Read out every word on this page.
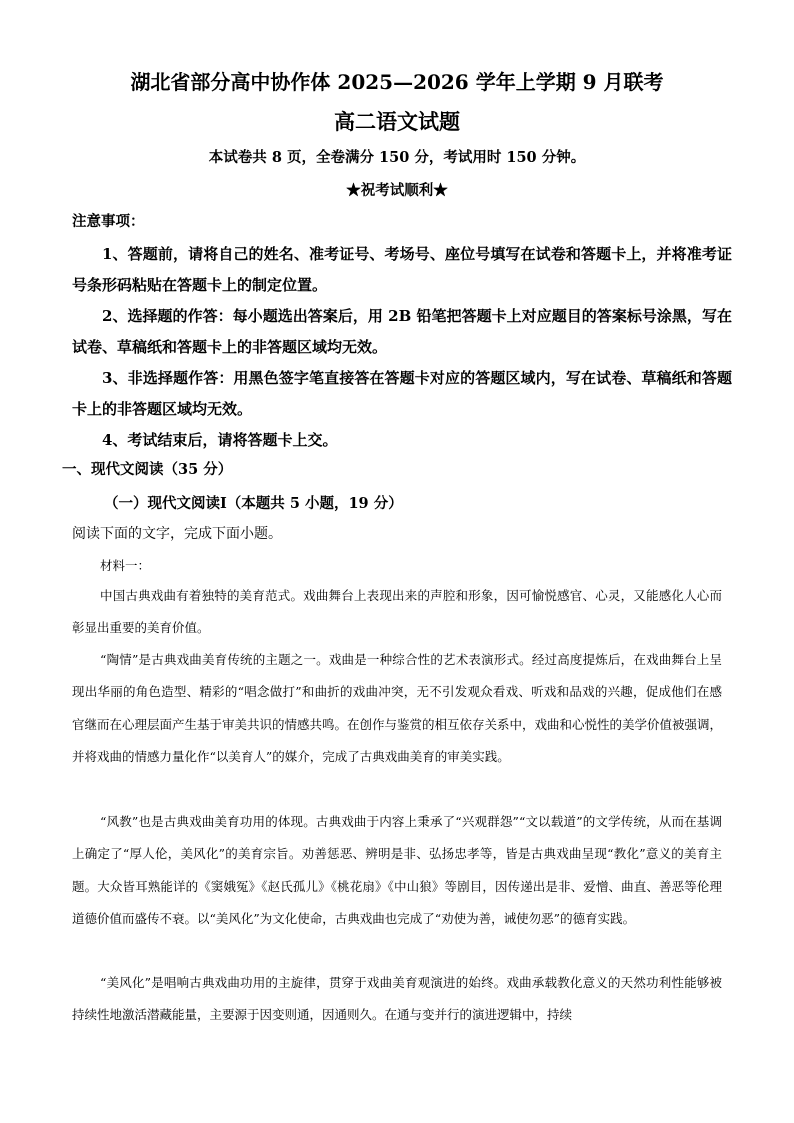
湖北省部分高中协作体 2025—2026 学年上学期 9 月联考
高二语文试题
本试卷共 8 页，全卷满分 150 分，考试用时 150 分钟。
★祝考试顺利★
注意事项：
1、答题前，请将自己的姓名、准考证号、考场号、座位号填写在试卷和答题卡上，并将准考证号条形码粘贴在答题卡上的制定位置。
2、选择题的作答：每小题选出答案后，用 2B 铅笔把答题卡上对应题目的答案标号涂黑，写在试卷、草稿纸和答题卡上的非答题区域均无效。
3、非选择题作答：用黑色签字笔直接答在答题卡对应的答题区域内，写在试卷、草稿纸和答题卡上的非答题区域均无效。
4、考试结束后，请将答题卡上交。
一、现代文阅读（35 分）
（一）现代文阅读Ⅰ（本题共 5 小题，19 分）
阅读下面的文字，完成下面小题。
材料一：
中国古典戏曲有着独特的美育范式。戏曲舞台上表现出来的声腔和形象，因可愉悦感官、心灵，又能感化人心而彰显出重要的美育价值。
“陶情”是古典戏曲美育传统的主题之一。戏曲是一种综合性的艺术表演形式。经过高度提炼后，在戏曲舞台上呈现出华丽的角色造型、精彩的“唱念做打”和曲折的戏曲冲突，无不引发观众看戏、听戏和品戏的兴趣，促成他们在感官继而在心理层面产生基于审美共识的情感共鸣。在创作与鉴赏的相互依存关系中，戏曲和心悦性的美学价值被强调，并将戏曲的情感力量化作“以美育人”的媒介，完成了古典戏曲美育的审美实践。
“风教”也是古典戏曲美育功用的体现。古典戏曲于内容上秉承了“兴观群怨”“文以载道”的文学传统，从而在基调上确定了“厚人伦，美风化”的美育宗旨。劝善惩恶、辨明是非、弘扬忠孝等，皆是古典戏曲呈现“教化”意义的美育主题。大众皆耳熟能详的《窦娥冤》《赵氏孤儿》《桃花扇》《中山狼》等剧目，因传递出是非、爱憎、曲直、善恶等伦理道德价值而盛传不衰。以“美风化”为文化使命，古典戏曲也完成了“劝使为善，诫使勿恶”的德育实践。
“美风化”是唱响古典戏曲功用的主旋律，贯穿于戏曲美育观演进的始终。戏曲承载教化意义的天然功利性能够被持续性地激活潜藏能量，主要源于因变则通，因通则久。在通与变并行的演进逻辑中，持续
